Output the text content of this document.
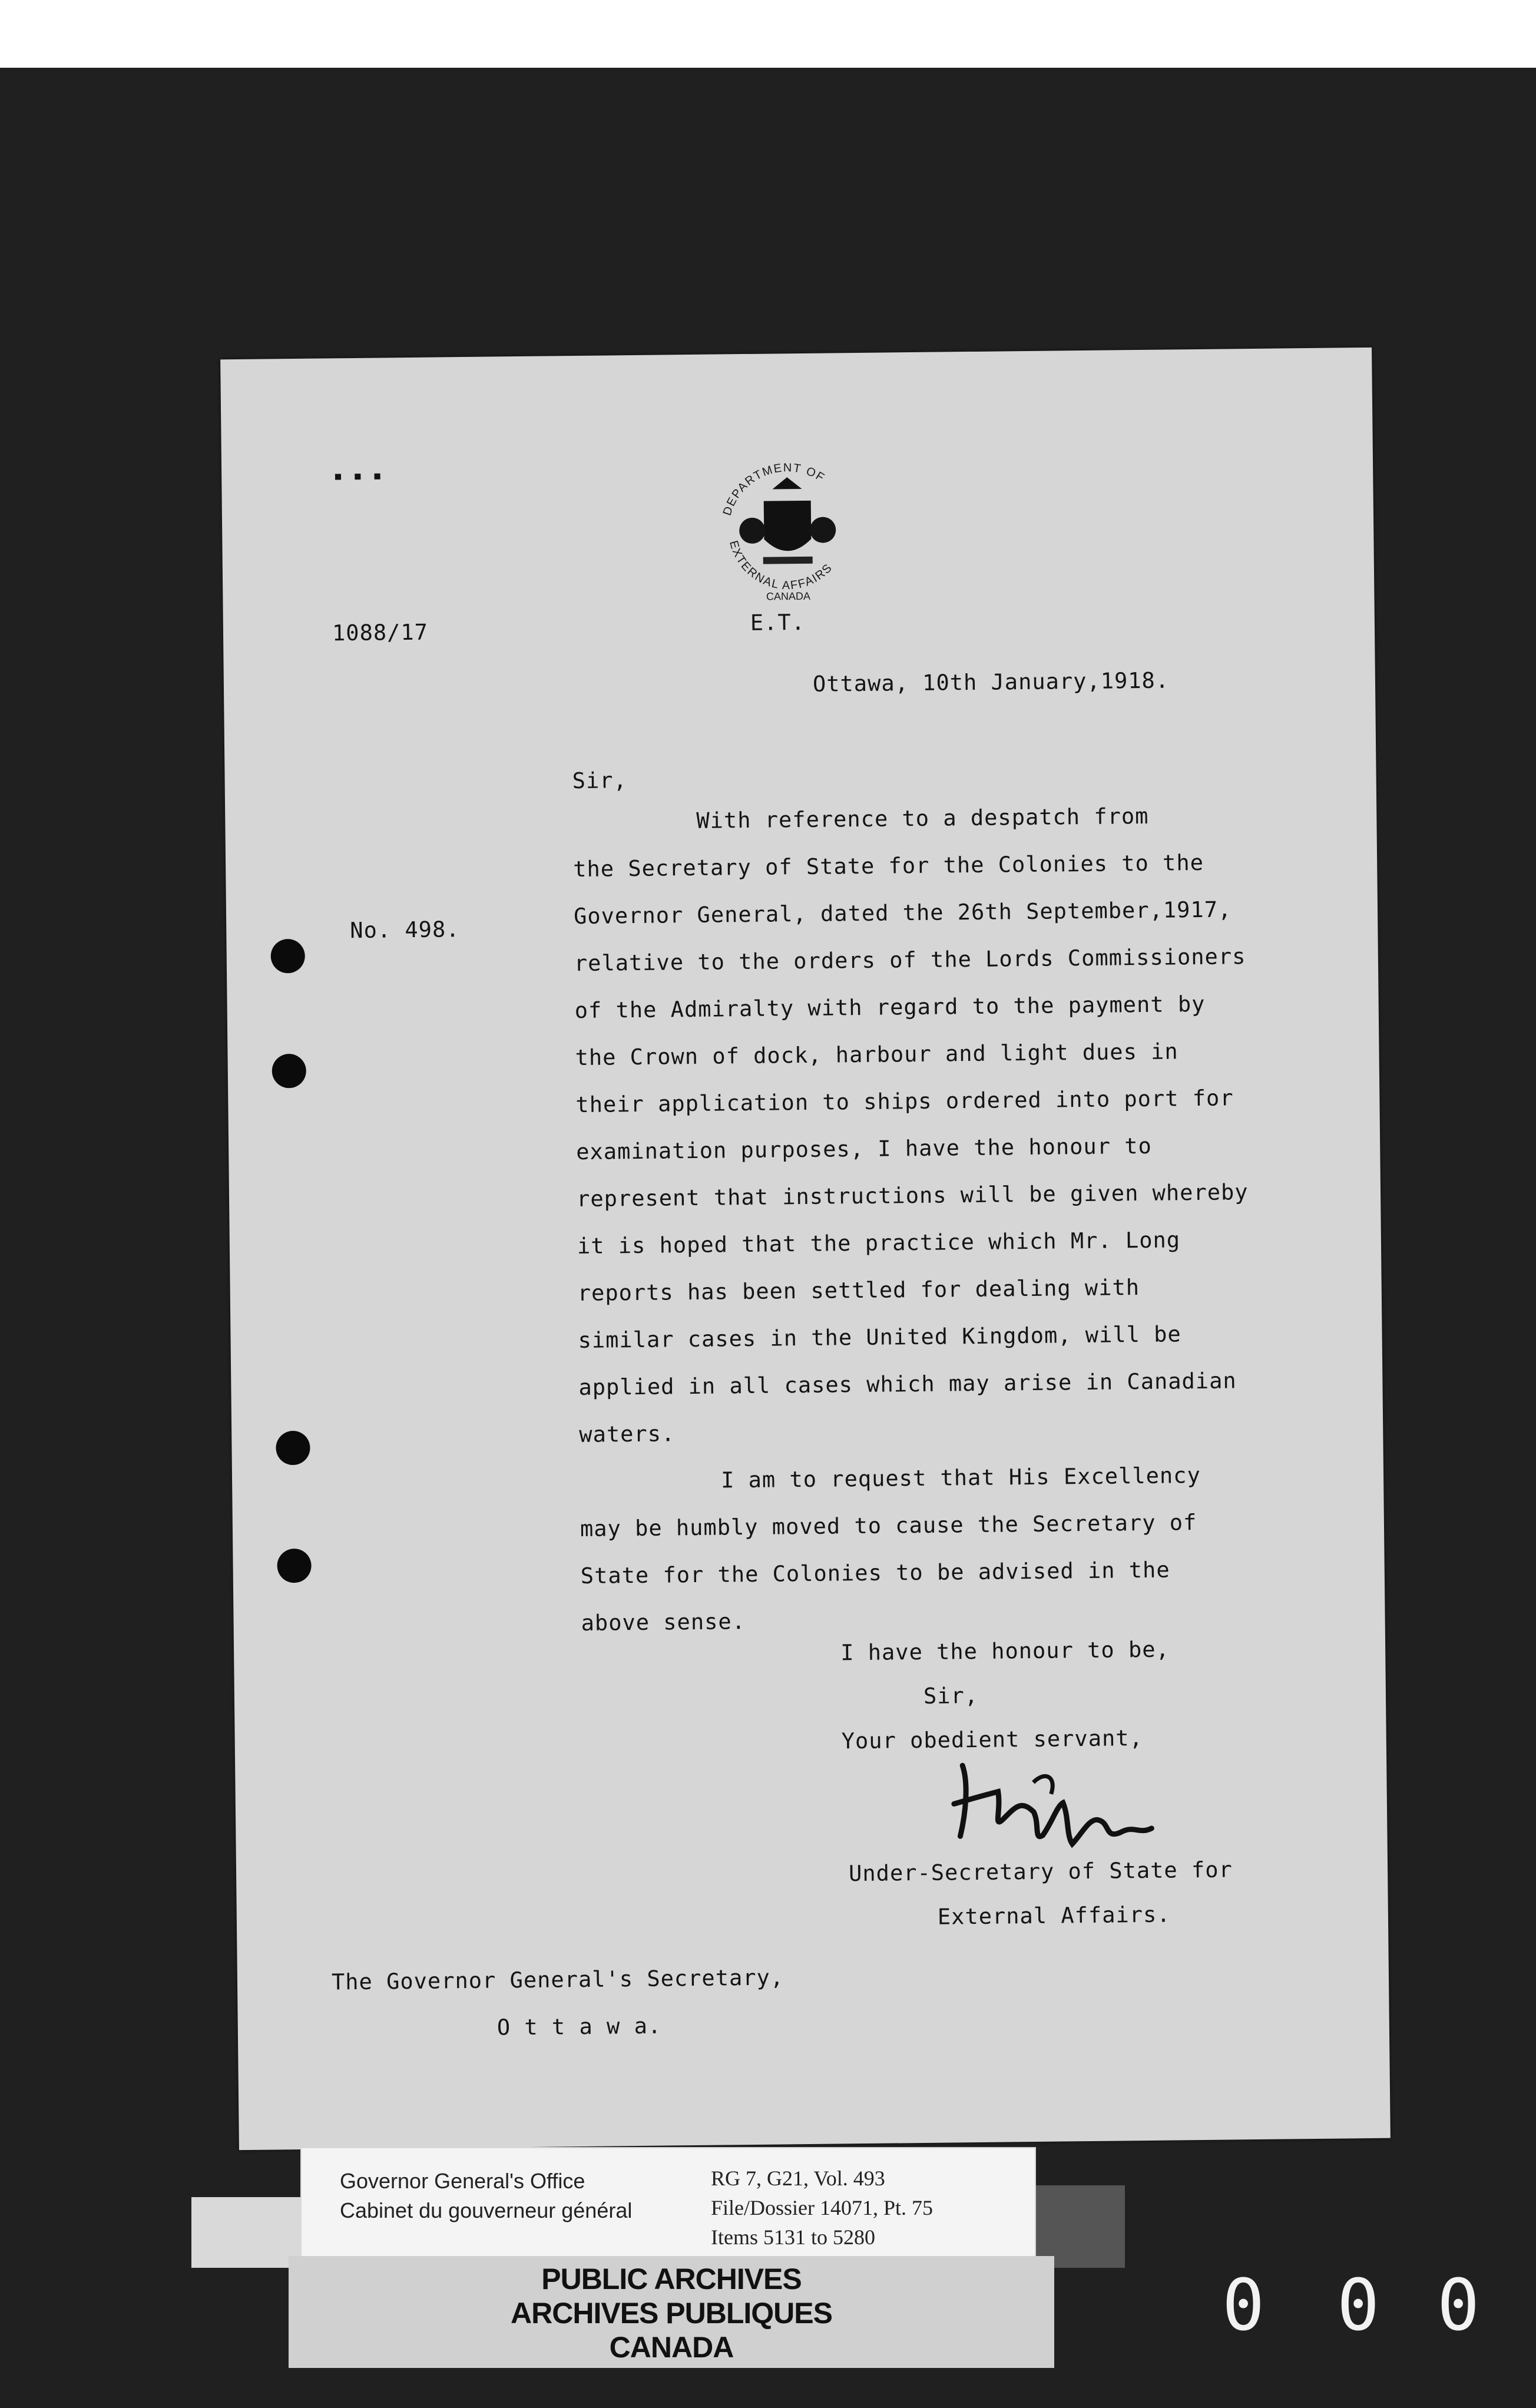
▪ ▪ ▪
DEPARTMENT OF
EXTERNAL AFFAIRS
CANADA
E.T.
1088/17
Ottawa, 10th January,1918.
Sir,
No. 498.
With reference to a despatch from
the Secretary of State for the Colonies to the
Governor General, dated the 26th September,1917,
relative to the orders of the Lords Commissioners
of the Admiralty with regard to the payment by
the Crown of dock, harbour and light dues in
their application to ships ordered into port for
examination purposes, I have the honour to
represent that instructions will be given whereby
it is hoped that the practice which Mr. Long
reports has been settled for dealing with
similar cases in the United Kingdom, will be
applied in all cases which may arise in Canadian
waters.
I am to request that His Excellency
may be humbly moved to cause the Secretary of
State for the Colonies to be advised in the
above sense.
I have the honour to be,
Sir,
Your obedient servant,
Under-Secretary of State for
External Affairs.
The Governor General's Secretary,
O t t a w a.
Governor General's Office
Cabinet du gouverneur général
RG 7, G21, Vol. 493
File/Dossier 14071, Pt. 75
Items 5131 to 5280
PUBLIC ARCHIVES
ARCHIVES PUBLIQUES
CANADA
0 0 0
